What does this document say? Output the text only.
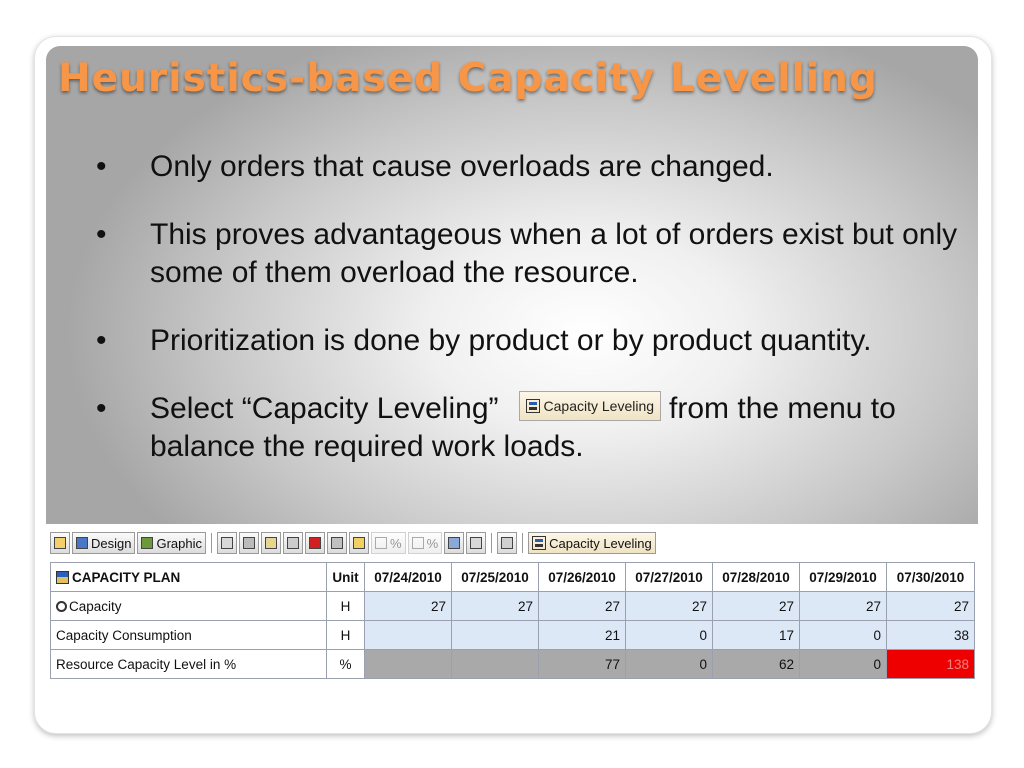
Heuristics-based Capacity Levelling
• Only orders that cause overloads are changed.
• This proves advantageous when a lot of orders exist but only some of them overload the resource.
• Prioritization is done by product or by product quantity.
• Select “Capacity Leveling”	Capacity Leveling from the menu to balance the required work loads.
Design Graphic	% %	Capacity Leveling
CAPACITY PLAN	Unit	07/24/2010	07/25/2010	07/26/2010	07/27/2010	07/28/2010	07/29/2010	07/30/2010
Capacity	H	27	27	27	27	27	27	27
Capacity Consumption	H			21	0	17	0	38
Resource Capacity Level in %	%			77	0	62	0	138
